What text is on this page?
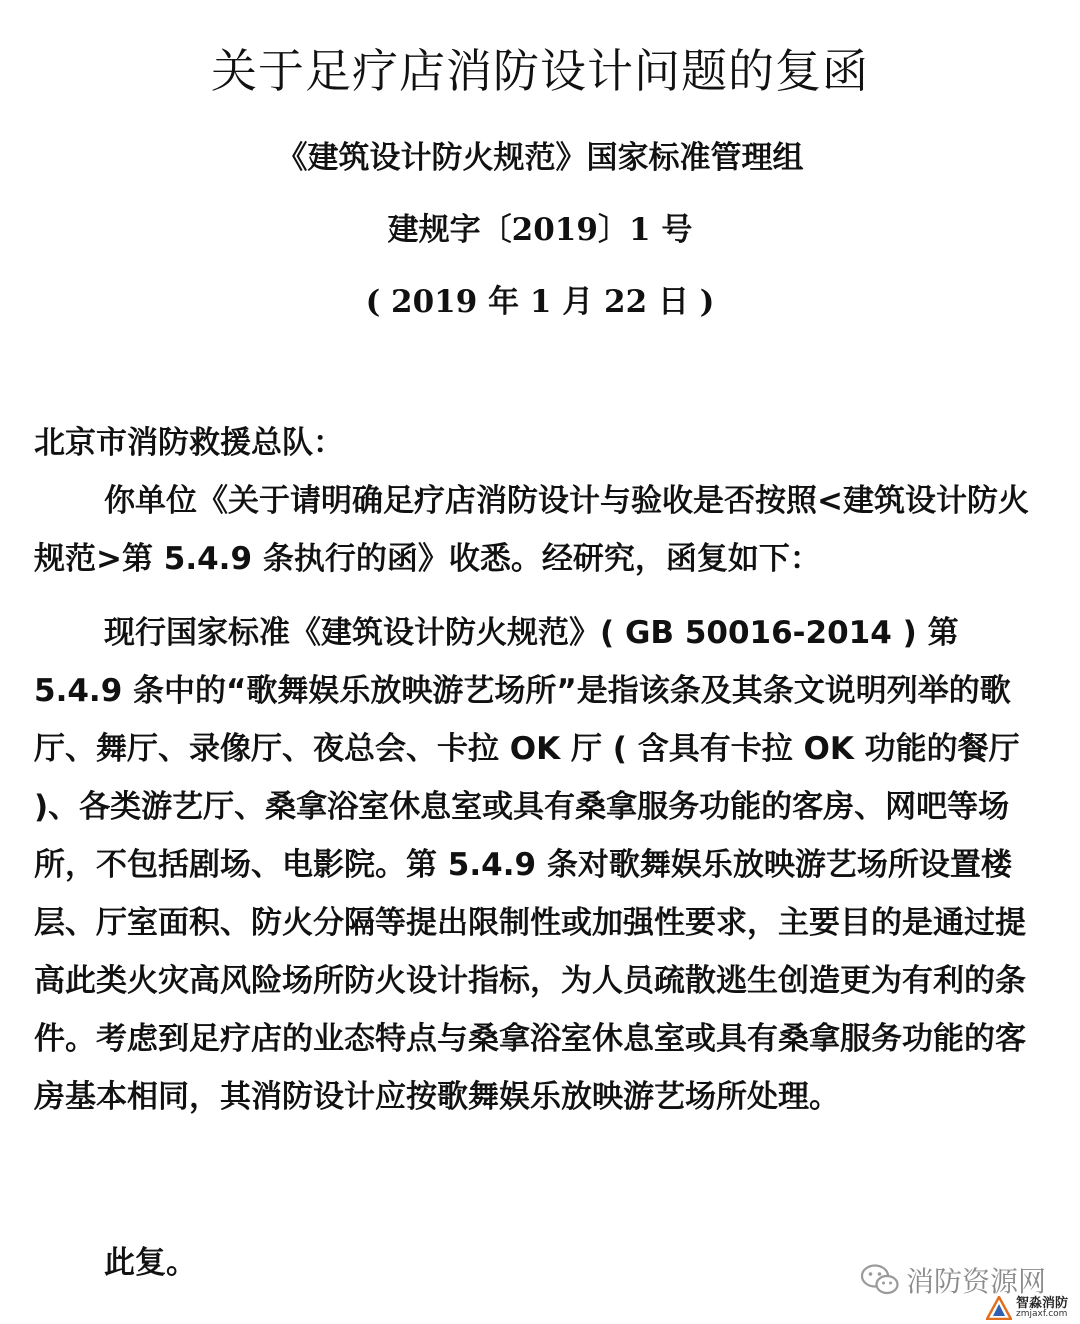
关于足疗店消防设计问题的复函

《建筑设计防火规范》国家标准管理组

建规字〔2019〕1 号

( 2019 年 1 月 22 日 )

北京市消防救援总队：

你单位《关于请明确足疗店消防设计与验收是否按照<建筑设计防火规范>第 5.4.9 条执行的函》收悉。经研究，函复如下：

现行国家标准《建筑设计防火规范》( GB 50016-2014 ) 第 5.4.9 条中的“歌舞娱乐放映游艺场所”是指该条及其条文说明列举的歌厅、舞厅、录像厅、夜总会、卡拉 OK 厅 ( 含具有卡拉 OK 功能的餐厅 )、各类游艺厅、桑拿浴室休息室或具有桑拿服务功能的客房、网吧等场所，不包括剧场、电影院。第 5.4.9 条对歌舞娱乐放映游艺场所设置楼层、厅室面积、防火分隔等提出限制性或加强性要求，主要目的是通过提高此类火灾高风险场所防火设计指标，为人员疏散逃生创造更为有利的条件。考虑到足疗店的业态特点与桑拿浴室休息室或具有桑拿服务功能的客房基本相同，其消防设计应按歌舞娱乐放映游艺场所处理。

此复。

消防资源网
智淼消防
zmjaxf.com
